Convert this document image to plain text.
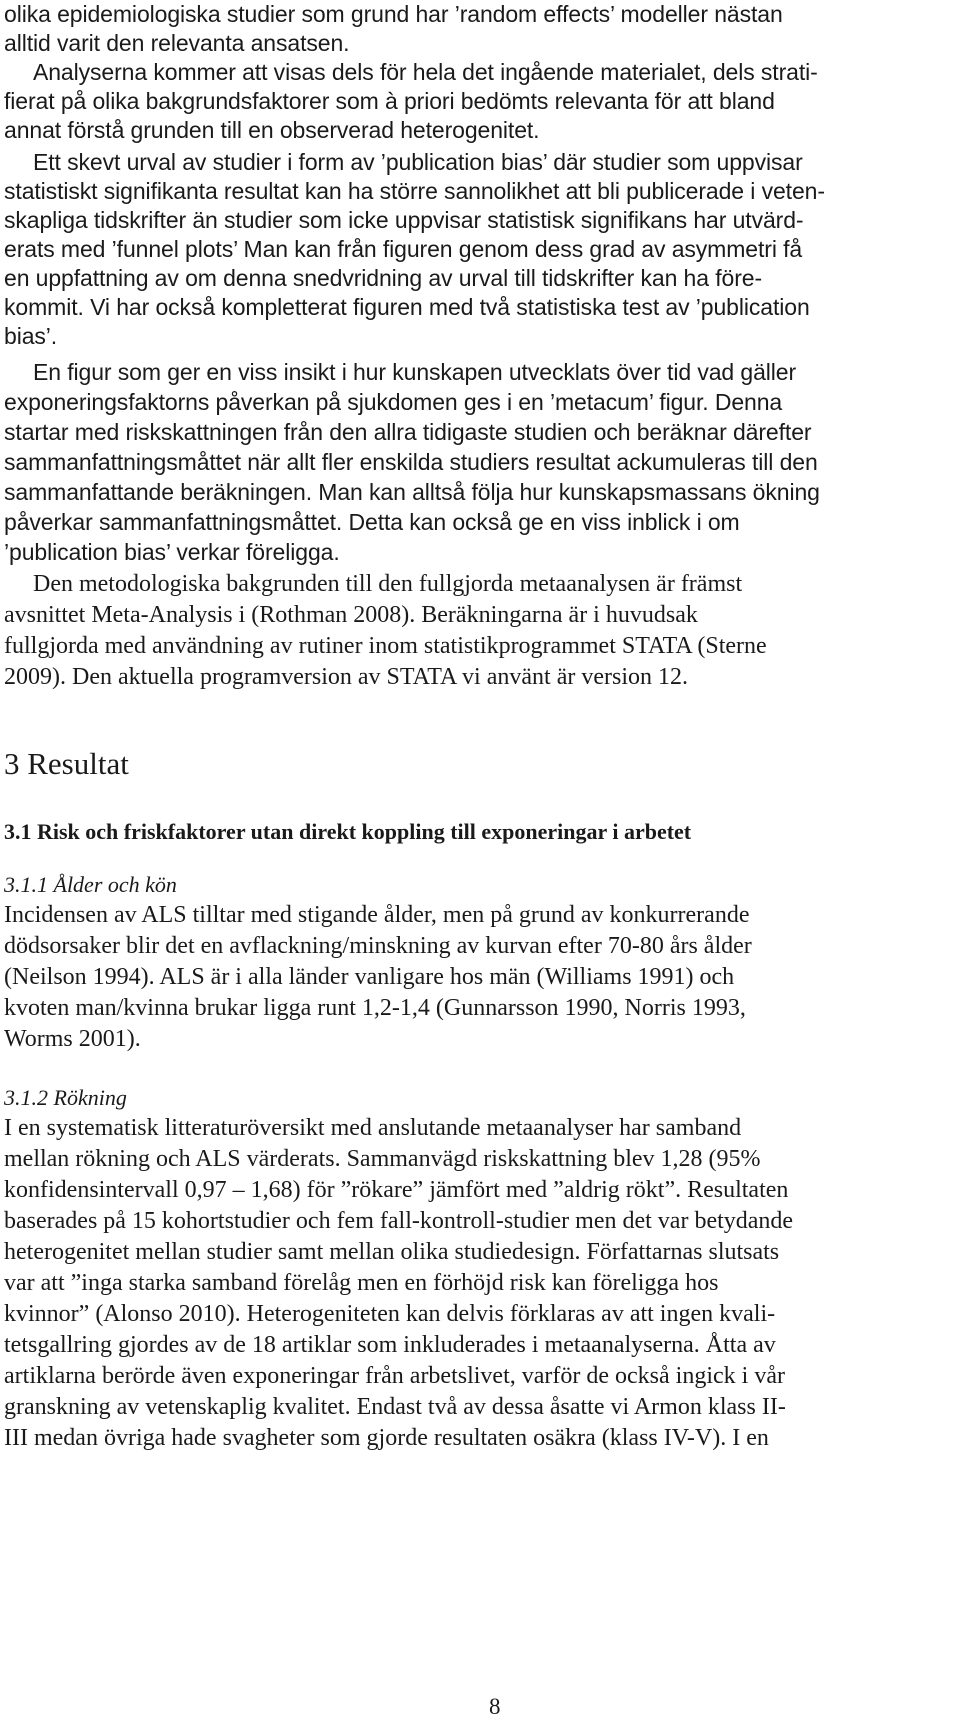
olika epidemiologiska studier som grund har ’random effects’ modeller nästan
alltid varit den relevanta ansatsen.
Analyserna kommer att visas dels för hela det ingående materialet, dels strati-
fierat på olika bakgrundsfaktorer som à priori bedömts relevanta för att bland
annat förstå grunden till en observerad heterogenitet.
Ett skevt urval av studier i form av ’publication bias’ där studier som uppvisar
statistiskt signifikanta resultat kan ha större sannolikhet att bli publicerade i veten-
skapliga tidskrifter än studier som icke uppvisar statistisk signifikans har utvärd-
erats med ’funnel plots’ Man kan från figuren genom dess grad av asymmetri få
en uppfattning av om denna snedvridning av urval till tidskrifter kan ha före-
kommit. Vi har också kompletterat figuren med två statistiska test av ’publication
bias’.
En figur som ger en viss insikt i hur kunskapen utvecklats över tid vad gäller
exponeringsfaktorns påverkan på sjukdomen ges i en ’metacum’ figur. Denna
startar med riskskattningen från den allra tidigaste studien och beräknar därefter
sammanfattningsmåttet när allt fler enskilda studiers resultat ackumuleras till den
sammanfattande beräkningen. Man kan alltså följa hur kunskapsmassans ökning
påverkar sammanfattningsmåttet. Detta kan också ge en viss inblick i om
’publication bias’ verkar föreligga.
Den metodologiska bakgrunden till den fullgjorda metaanalysen är främst
avsnittet Meta-Analysis i (Rothman 2008). Beräkningarna är i huvudsak
fullgjorda med användning av rutiner inom statistikprogrammet STATA (Sterne
2009). Den aktuella programversion av STATA vi använt är version 12.
3 Resultat
3.1 Risk och friskfaktorer utan direkt koppling till exponeringar i arbetet
3.1.1 Ålder och kön
Incidensen av ALS tilltar med stigande ålder, men på grund av konkurrerande
dödsorsaker blir det en avflackning/minskning av kurvan efter 70-80 års ålder
(Neilson 1994). ALS är i alla länder vanligare hos män (Williams 1991) och
kvoten man/kvinna brukar ligga runt 1,2-1,4 (Gunnarsson 1990, Norris 1993,
Worms 2001).
3.1.2 Rökning
I en systematisk litteraturöversikt med anslutande metaanalyser har samband
mellan rökning och ALS värderats. Sammanvägd riskskattning blev 1,28 (95%
konfidensintervall 0,97 – 1,68) för ”rökare” jämfört med ”aldrig rökt”. Resultaten
baserades på 15 kohortstudier och fem fall-kontroll-studier men det var betydande
heterogenitet mellan studier samt mellan olika studiedesign. Författarnas slutsats
var att ”inga starka samband förelåg men en förhöjd risk kan föreligga hos
kvinnor” (Alonso 2010). Heterogeniteten kan delvis förklaras av att ingen kvali-
tetsgallring gjordes av de 18 artiklar som inkluderades i metaanalyserna. Åtta av
artiklarna berörde även exponeringar från arbetslivet, varför de också ingick i vår
granskning av vetenskaplig kvalitet. Endast två av dessa åsatte vi Armon klass II-
III medan övriga hade svagheter som gjorde resultaten osäkra (klass IV-V). I en
8
